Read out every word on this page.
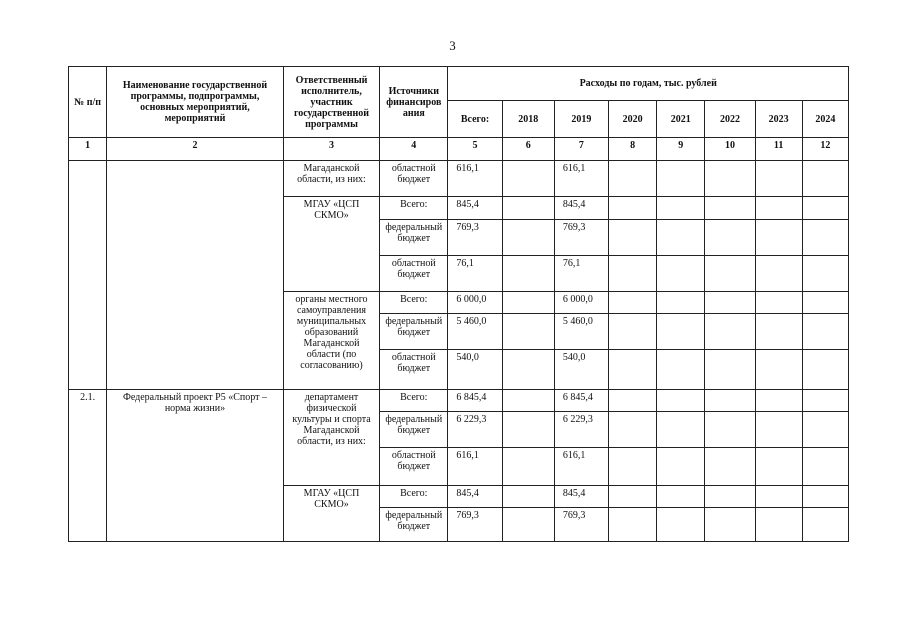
3
№ п/п	Наименование государственной программы, подпрограммы, основных мероприятий, мероприятий	Ответственный исполнитель, участник государственной программы	Источники финансиров ания	Расходы по годам, тыс. рублей							
				Всего:	2018	2019	2020	2021	2022	2023	2024
1	2	3	4	5	6	7	8	9	10	11	12
		Магаданской области, из них:	областной бюджет	616,1		616,1					
		МГАУ «ЦСП СКМО»	Всего:	845,4		845,4					
			федеральный бюджет	769,3		769,3					
			областной бюджет	76,1		76,1					
		органы местного самоуправления муниципальных образований Магаданской области (по согласованию)	Всего:	6 000,0		6 000,0					
			федеральный бюджет	5 460,0		5 460,0					
			областной бюджет	540,0		540,0					
2.1.	Федеральный проект Р5 «Спорт – норма жизни»	департамент физической культуры и спорта Магаданской области, из них:	Всего:	6 845,4		6 845,4					
			федеральный бюджет	6 229,3		6 229,3					
			областной бюджет	616,1		616,1					
		МГАУ «ЦСП СКМО»	Всего:	845,4		845,4					
			федеральный бюджет	769,3		769,3					
